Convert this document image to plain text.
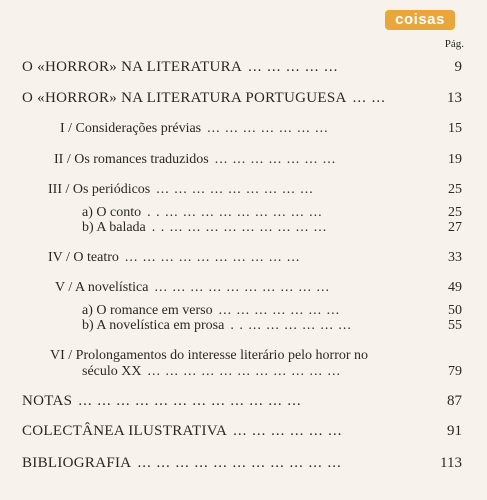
coisas
Pág.
O «HORROR» NA LITERATURA ... ... ... ... ...	9
O «HORROR» NA LITERATURA PORTUGUESA ... ...	13
I / Considerações prévias ... ... ... ... ... ... ...	15
II / Os romances traduzidos ... ... ... ... ... ... ...	19
III / Os periódicos ... ... ... ... ... ... ... ... ...	25
a) O conto . . ... ... ... ... ... ... ... ... ...	25
b) A balada . . ... ... ... ... ... ... ... ... ...	27
IV / O teatro ... ... ... ... ... ... ... ... ... ...	33
V / A novelística ... ... ... ... ... ... ... ... ... ...	49
a) O romance em verso ... ... ... ... ... ... ...	50
b) A novelística em prosa . . ... ... ... ... ... ...	55
VI / Prolongamentos do interesse literário pelo horror no
século XX ... ... ... ... ... ... ... ... ... ... ...	79
NOTAS ... ... ... ... ... ... ... ... ... ... ... ...	87
COLECTÂNEA ILUSTRATIVA ... ... ... ... ... ...	91
BIBLIOGRAFIA ... ... ... ... ... ... ... ... ... ... ...	113
